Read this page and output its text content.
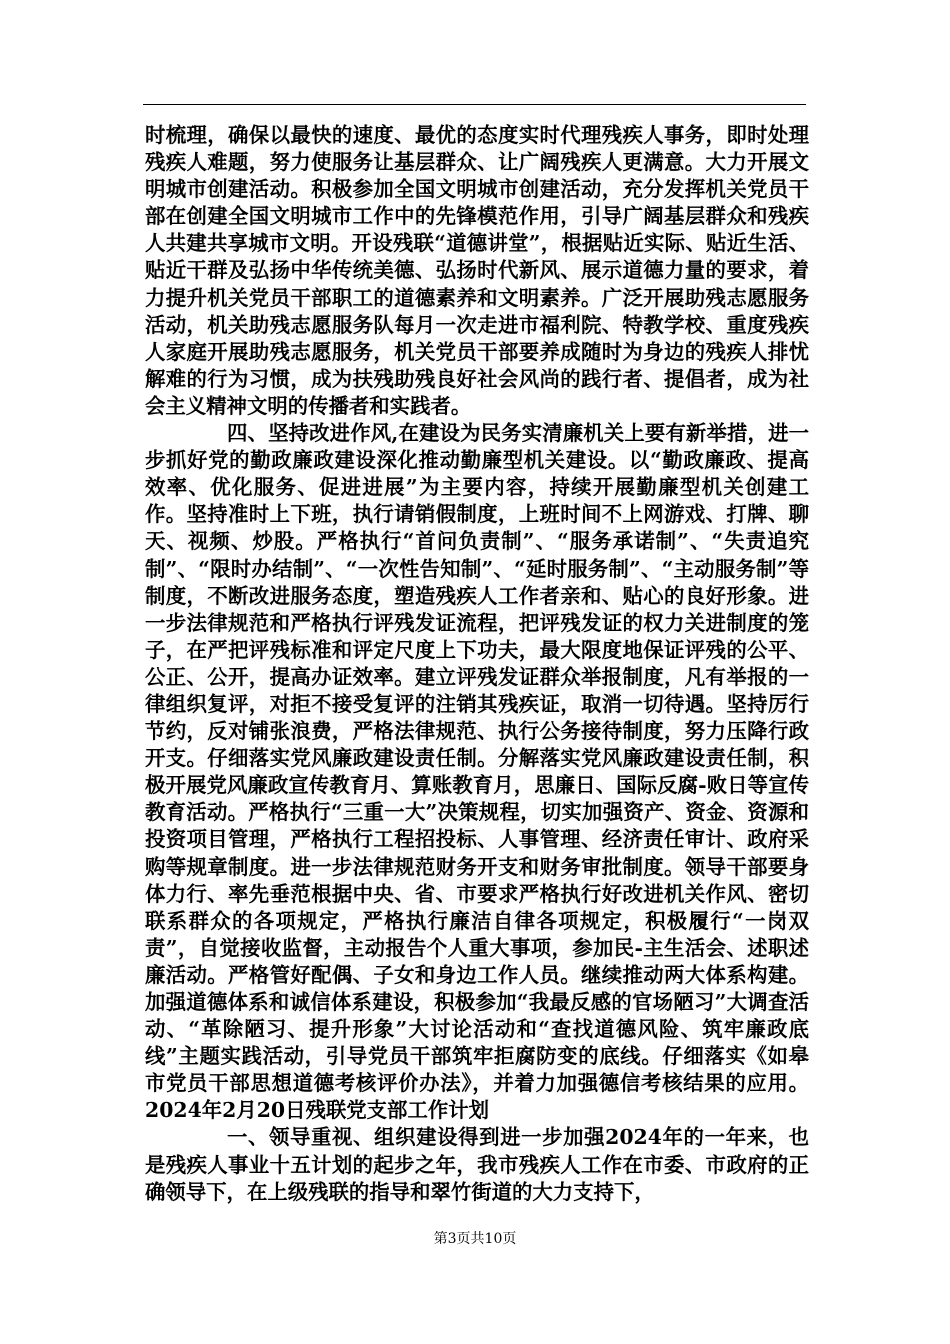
时梳理，确保以最快的速度、最优的态度实时代理残疾人事务，即时处理残疾人难题，努力使服务让基层群众、让广阔残疾人更满意。大力开展文明城市创建活动。积极参加全国文明城市创建活动，充分发挥机关党员干部在创建全国文明城市工作中的先锋模范作用，引导广阔基层群众和残疾人共建共享城市文明。开设残联“道德讲堂”，根据贴近实际、贴近生活、贴近干群及弘扬中华传统美德、弘扬时代新风、展示道德力量的要求，着力提升机关党员干部职工的道德素养和文明素养。广泛开展助残志愿服务活动，机关助残志愿服务队每月一次走进市福利院、特教学校、重度残疾人家庭开展助残志愿服务，机关党员干部要养成随时为身边的残疾人排忧解难的行为习惯，成为扶残助残良好社会风尚的践行者、提倡者，成为社会主义精神文明的传播者和实践者。

四、坚持改进作风,在建设为民务实清廉机关上要有新举措，进一步抓好党的勤政廉政建设深化推动勤廉型机关建设。以“勤政廉政、提高效率、优化服务、促进进展”为主要内容，持续开展勤廉型机关创建工作。坚持准时上下班，执行请销假制度，上班时间不上网游戏、打牌、聊天、视频、炒股。严格执行“首问负责制”、“服务承诺制”、“失责追究制”、“限时办结制”、“一次性告知制”、“延时服务制”、“主动服务制”等制度，不断改进服务态度，塑造残疾人工作者亲和、贴心的良好形象。进一步法律规范和严格执行评残发证流程，把评残发证的权力关进制度的笼子，在严把评残标准和评定尺度上下功夫，最大限度地保证评残的公平、公正、公开，提高办证效率。建立评残发证群众举报制度，凡有举报的一律组织复评，对拒不接受复评的注销其残疾证，取消一切待遇。坚持厉行节约，反对铺张浪费，严格法律规范、执行公务接待制度，努力压降行政开支。仔细落实党风廉政建设责任制。分解落实党风廉政建设责任制，积极开展党风廉政宣传教育月、算账教育月，思廉日、国际反腐-败日等宣传教育活动。严格执行“三重一大”决策规程，切实加强资产、资金、资源和投资项目管理，严格执行工程招投标、人事管理、经济责任审计、政府采购等规章制度。进一步法律规范财务开支和财务审批制度。领导干部要身体力行、率先垂范根据中央、省、市要求严格执行好改进机关作风、密切联系群众的各项规定，严格执行廉洁自律各项规定，积极履行“一岗双责”，自觉接收监督，主动报告个人重大事项，参加民-主生活会、述职述廉活动。严格管好配偶、子女和身边工作人员。继续推动两大体系构建。加强道德体系和诚信体系建设，积极参加“我最反感的官场陋习”大调查活动、“革除陋习、提升形象”大讨论活动和“查找道德风险、筑牢廉政底线”主题实践活动，引导党员干部筑牢拒腐防变的底线。仔细落实《如皋市党员干部思想道德考核评价办法》，并着力加强德信考核结果的应用。2024年2月20日残联党支部工作计划

一、领导重视、组织建设得到进一步加强2024年的一年来，也是残疾人事业十五计划的起步之年，我市残疾人工作在市委、市政府的正确领导下，在上级残联的指导和翠竹街道的大力支持下，

第3页共10页
